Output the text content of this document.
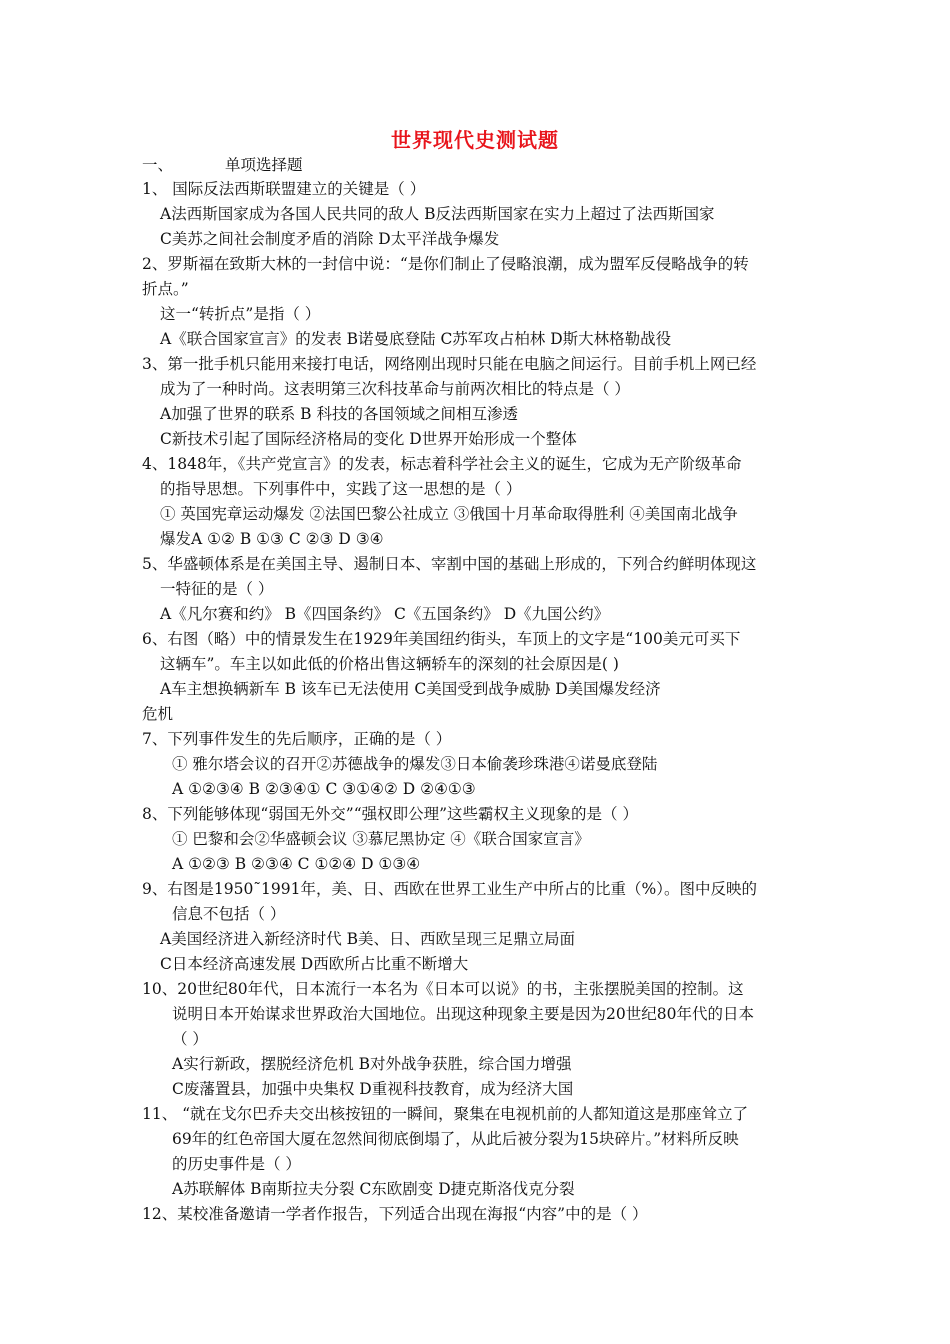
世界现代史测试题
一、	单项选择题
1、 国际反法西斯联盟建立的关键是（ ）
A法西斯国家成为各国人民共同的敌人 B反法西斯国家在实力上超过了法西斯国家
C美苏之间社会制度矛盾的消除 D太平洋战争爆发
2、罗斯福在致斯大林的一封信中说：“是你们制止了侵略浪潮，成为盟军反侵略战争的转
折点。”
这一“转折点”是指（ ）
A《联合国家宣言》的发表 B诺曼底登陆 C苏军攻占柏林 D斯大林格勒战役
3、第一批手机只能用来接打电话，网络刚出现时只能在电脑之间运行。目前手机上网已经
成为了一种时尚。这表明第三次科技革命与前两次相比的特点是（ ）
A加强了世界的联系 B 科技的各国领域之间相互渗透
C新技术引起了国际经济格局的变化 D世界开始形成一个整体
4、1848年，《共产党宣言》的发表，标志着科学社会主义的诞生，它成为无产阶级革命
的指导思想。下列事件中，实践了这一思想的是（ ）
① 英国宪章运动爆发 ②法国巴黎公社成立 ③俄国十月革命取得胜利 ④美国南北战争
爆发A ①② B ①③ C ②③ D ③④
5、华盛顿体系是在美国主导、遏制日本、宰割中国的基础上形成的，下列合约鲜明体现这
一特征的是（ ）
A《凡尔赛和约》 B《四国条约》 C《五国条约》 D《九国公约》
6、右图（略）中的情景发生在1929年美国纽约街头，车顶上的文字是“100美元可买下
这辆车”。车主以如此低的价格出售这辆轿车的深刻的社会原因是( )
A车主想换辆新车 B 该车已无法使用 C美国受到战争威胁 D美国爆发经济
危机
7、下列事件发生的先后顺序，正确的是（ ）
① 雅尔塔会议的召开②苏德战争的爆发③日本偷袭珍珠港④诺曼底登陆
A ①②③④ B ②③④① C ③①④② D ②④①③
8、下列能够体现“弱国无外交”“强权即公理”这些霸权主义现象的是（ ）
① 巴黎和会②华盛顿会议 ③慕尼黑协定 ④《联合国家宣言》
A ①②③ B ②③④ C ①②④ D ①③④
9、右图是1950˜1991年，美、日、西欧在世界工业生产中所占的比重（%）。图中反映的
信息不包括（ ）
A美国经济进入新经济时代 B美、日、西欧呈现三足鼎立局面
C日本经济高速发展 D西欧所占比重不断增大
10、20世纪80年代，日本流行一本名为《日本可以说》的书，主张摆脱美国的控制。这
说明日本开始谋求世界政治大国地位。出现这种现象主要是因为20世纪80年代的日本
（ ）
A实行新政，摆脱经济危机 B对外战争获胜，综合国力增强
C废藩置县，加强中央集权 D重视科技教育，成为经济大国
11、 “就在戈尔巴乔夫交出核按钮的一瞬间，聚集在电视机前的人都知道这是那座耸立了
69年的红色帝国大厦在忽然间彻底倒塌了，从此后被分裂为15块碎片。”材料所反映
的历史事件是（ ）
A苏联解体 B南斯拉夫分裂 C东欧剧变 D捷克斯洛伐克分裂
12、某校准备邀请一学者作报告，下列适合出现在海报“内容”中的是（ ）
